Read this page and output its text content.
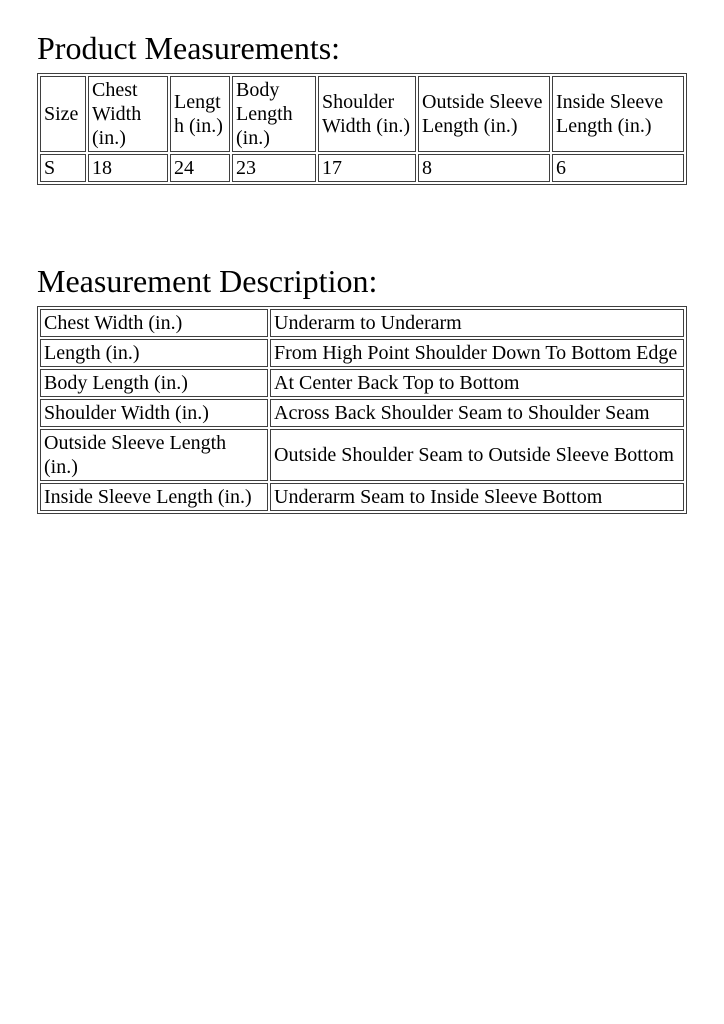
Product Measurements:
Size	Chest Width (in.)	Length (in.)	Body Length (in.)	Shoulder Width (in.)	Outside Sleeve Length (in.)	Inside Sleeve Length (in.)
S	18	24	23	17	8	6
Measurement Description:
Chest Width (in.)	Underarm to Underarm
Length (in.)	From High Point Shoulder Down To Bottom Edge
Body Length (in.)	At Center Back Top to Bottom
Shoulder Width (in.)	Across Back Shoulder Seam to Shoulder Seam
Outside Sleeve Length (in.)	Outside Shoulder Seam to Outside Sleeve Bottom
Inside Sleeve Length (in.)	Underarm Seam to Inside Sleeve Bottom
